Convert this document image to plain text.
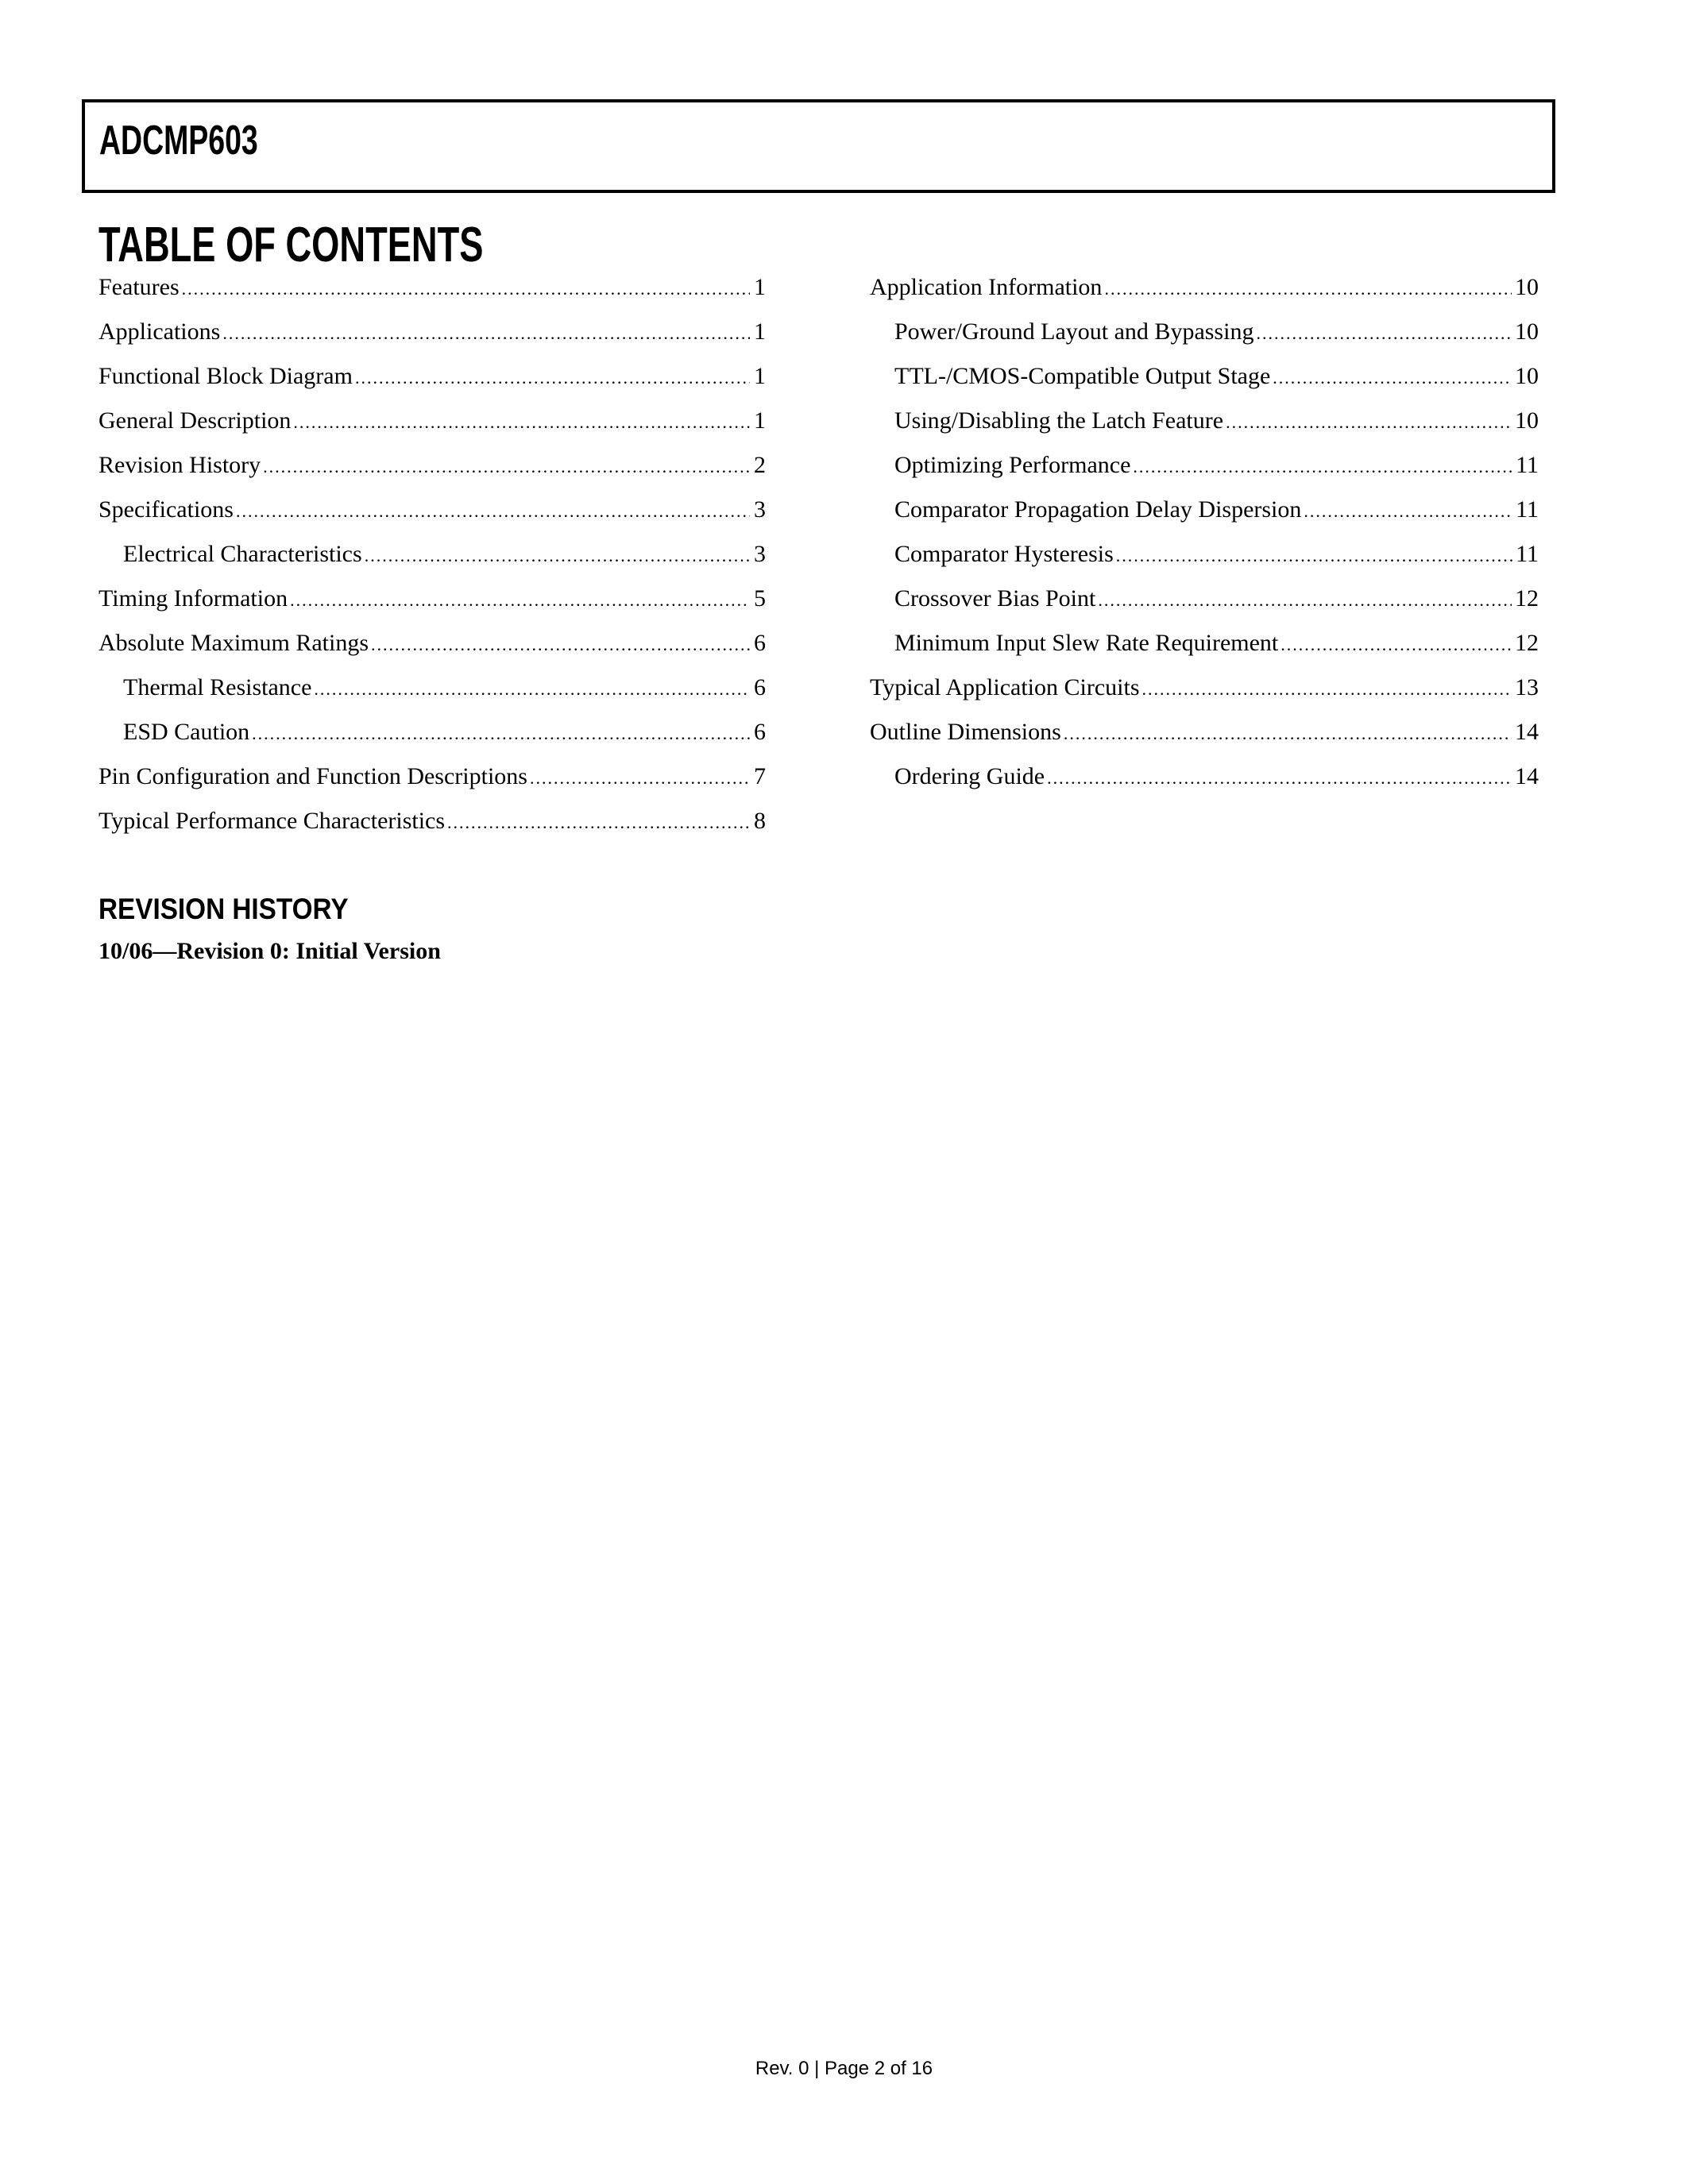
ADCMP603
TABLE OF CONTENTS
Features .....	1
Applications .....	1
Functional Block Diagram .....	1
General Description .....	1
Revision History .....	2
Specifications .....	3
Electrical Characteristics .....	3
Timing Information .....	5
Absolute Maximum Ratings .....	6
Thermal Resistance .....	6
ESD Caution .....	6
Pin Configuration and Function Descriptions .....	7
Typical Performance Characteristics .....	8
Application Information .....	10
Power/Ground Layout and Bypassing .....	10
TTL-/CMOS-Compatible Output Stage .....	10
Using/Disabling the Latch Feature .....	10
Optimizing Performance .....	11
Comparator Propagation Delay Dispersion .....	11
Comparator Hysteresis .....	11
Crossover Bias Point .....	12
Minimum Input Slew Rate Requirement .....	12
Typical Application Circuits .....	13
Outline Dimensions .....	14
Ordering Guide .....	14
REVISION HISTORY
10/06—Revision 0: Initial Version
Rev. 0 | Page 2 of 16
